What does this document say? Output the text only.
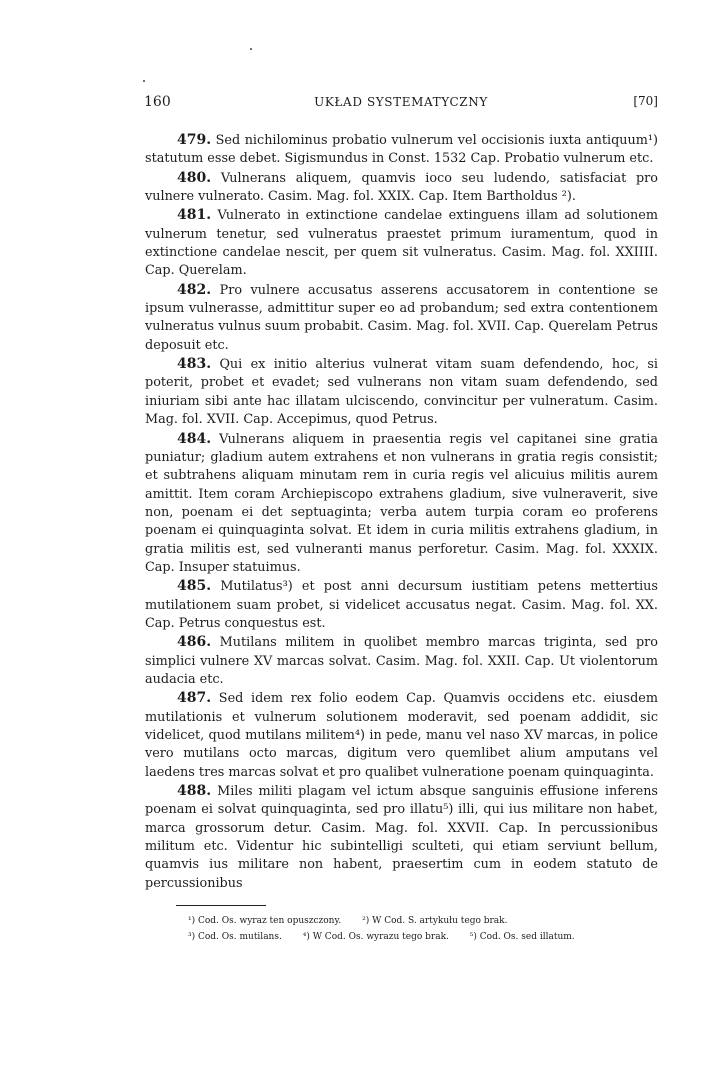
160	UKŁAD SYSTEMATYCZNY	[70]

479. Sed nichilominus probatio vulnerum vel occisionis iuxta antiquum¹) statutum esse debet. Sigismundus in Const. 1532 Cap. Probatio vulnerum etc.

480. Vulnerans aliquem, quamvis ioco seu ludendo, satisfaciat pro vulnere vulnerato. Casim. Mag. fol. XXIX. Cap. Item Bartholdus ²).

481. Vulnerato in extinctione candelae extinguens illam ad solutionem vulnerum tenetur, sed vulneratus praestet primum iuramentum, quod in extinctione candelae nescit, per quem sit vulneratus. Casim. Mag. fol. XXIIII. Cap. Querelam.

482. Pro vulnere accusatus asserens accusatorem in contentione se ipsum vulnerasse, admittitur super eo ad probandum; sed extra contentionem vulneratus vulnus suum probabit. Casim. Mag. fol. XVII. Cap. Querelam Petrus deposuit etc.

483. Qui ex initio alterius vulnerat vitam suam defendendo, hoc, si poterit, probet et evadet; sed vulnerans non vitam suam defendendo, sed iniuriam sibi ante hac illatam ulciscendo, convincitur per vulneratum. Casim. Mag. fol. XVII. Cap. Accepimus, quod Petrus.

484. Vulnerans aliquem in praesentia regis vel capitanei sine gratia puniatur; gladium autem extrahens et non vulnerans in gratia regis consistit; et subtrahens aliquam minutam rem in curia regis vel alicuius militis aurem amittit. Item coram Archiepiscopo extrahens gladium, sive vulneraverit, sive non, poenam ei det septuaginta; verba autem turpia coram eo proferens poenam ei quinquaginta solvat. Et idem in curia militis extrahens gladium, in gratia militis est, sed vulneranti manus perforetur. Casim. Mag. fol. XXXIX. Cap. Insuper statuimus.

485. Mutilatus³) et post anni decursum iustitiam petens mettertius mutilationem suam probet, si videlicet accusatus negat. Casim. Mag. fol. XX. Cap. Petrus conquestus est.

486. Mutilans militem in quolibet membro marcas triginta, sed pro simplici vulnere XV marcas solvat. Casim. Mag. fol. XXII. Cap. Ut violentorum audacia etc.

487. Sed idem rex folio eodem Cap. Quamvis occidens etc. eiusdem mutilationis et vulnerum solutionem moderavit, sed poenam addidit, sic videlicet, quod mutilans militem⁴) in pede, manu vel naso XV marcas, in police vero mutilans octo marcas, digitum vero quemlibet alium amputans vel laedens tres marcas solvat et pro qualibet vulneratione poenam quinquaginta.

488. Miles militi plagam vel ictum absque sanguinis effusione inferens poenam ei solvat quinquaginta, sed pro illatu⁵) illi, qui ius militare non habet, marca grossorum detur. Casim. Mag. fol. XXVII. Cap. In percussionibus militum etc. Videntur hic subintelligi sculteti, qui etiam serviunt bellum, quamvis ius militare non habent, praesertim cum in eodem statuto de percussionibus

¹) Cod. Os. wyraz ten opuszczony. ²) W Cod. S. artykułu tego brak.
³) Cod. Os. mutilans. ⁴) W Cod. Os. wyrazu tego brak. ⁵) Cod. Os. sed illatum.
